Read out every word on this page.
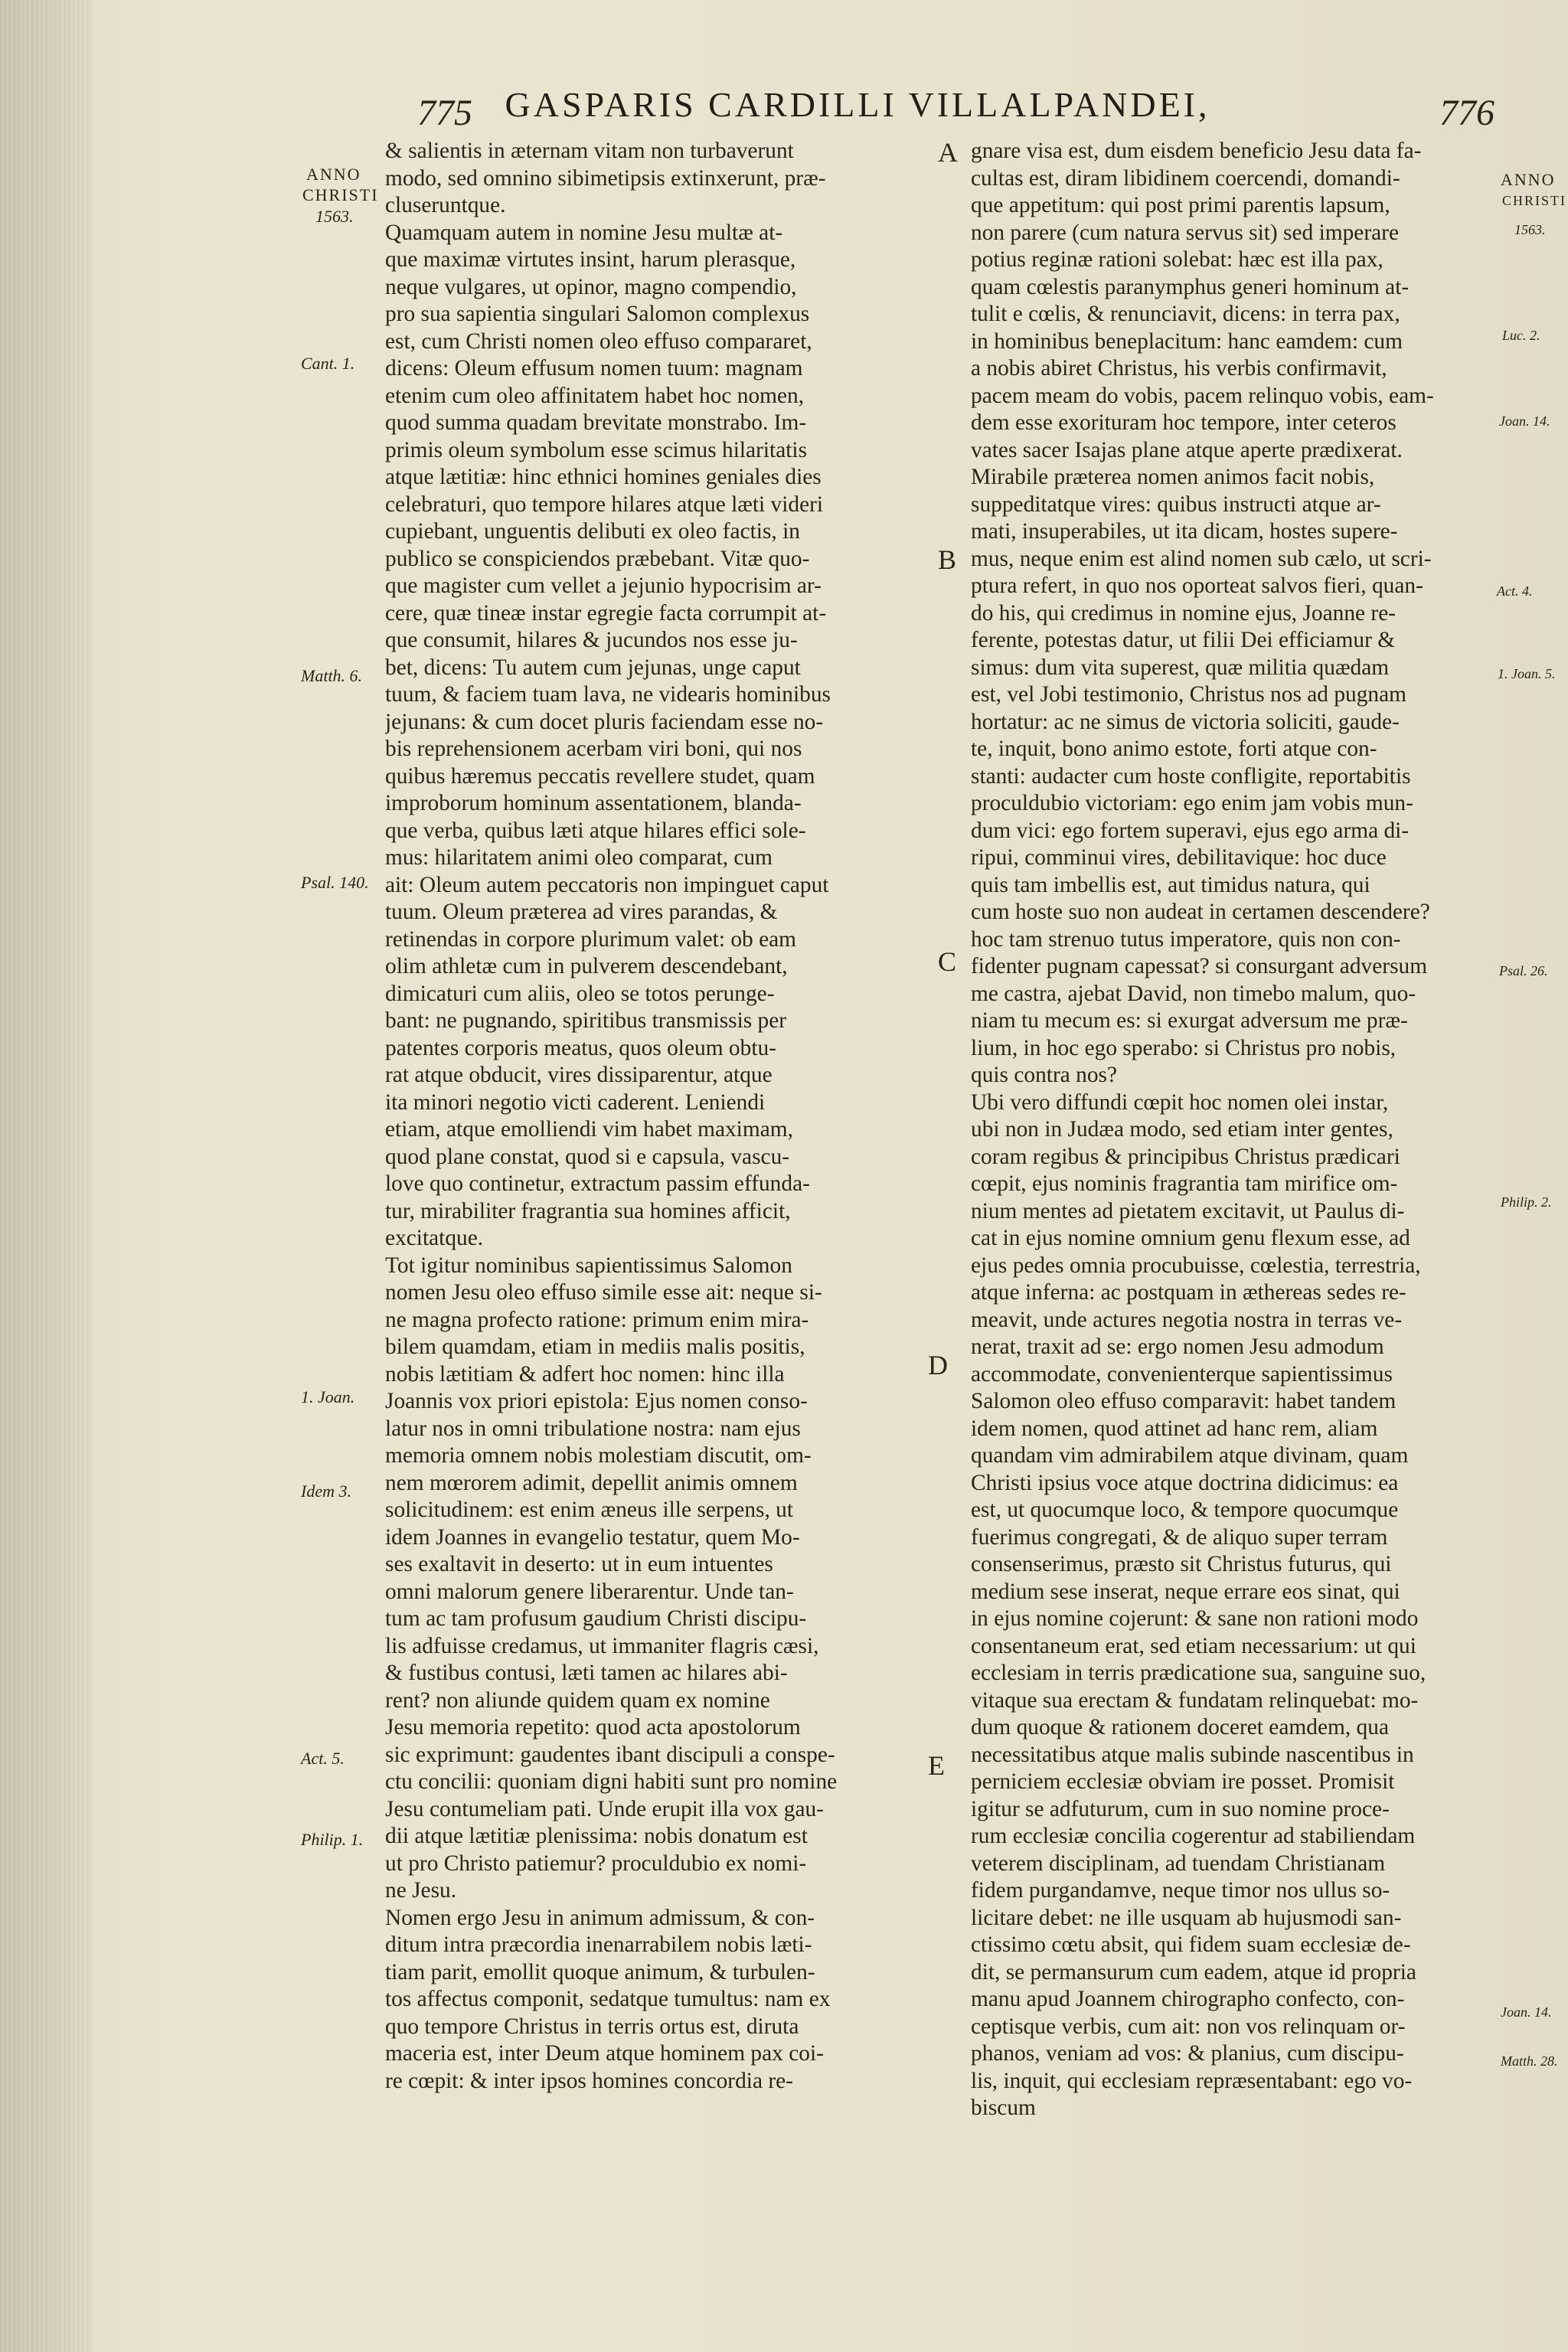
GASPARIS CARDILLI VILLALPANDEI,
775	776
ANNO
CHRISTI
1563.
Cant. 1.
Matth. 6.
Psal. 140.
1. Joan.
Idem 3.
Act. 5.
Philip. 1.
A
B
C
D
E
ANNO
CHRISTI
1563.
Luc. 2.
Joan. 14.
Act. 4.
1. Joan. 5.
Psal. 26.
Philip. 2.
Joan. 14.
Matth. 28.
& salientis in æternam vitam non turbaverunt
modo, sed omnino sibimetipsis extinxerunt, præ-
cluseruntque.
Quamquam autem in nomine Jesu multæ at-
que maximæ virtutes insint, harum plerasque,
neque vulgares, ut opinor, magno compendio,
pro sua sapientia singulari Salomon complexus
est, cum Christi nomen oleo effuso compararet,
dicens: Oleum effusum nomen tuum: magnam
etenim cum oleo affinitatem habet hoc nomen,
quod summa quadam brevitate monstrabo. Im-
primis oleum symbolum esse scimus hilaritatis
atque lætitiæ: hinc ethnici homines geniales dies
celebraturi, quo tempore hilares atque læti videri
cupiebant, unguentis delibuti ex oleo factis, in
publico se conspiciendos præbebant. Vitæ quo-
que magister cum vellet a jejunio hypocrisim ar-
cere, quæ tineæ instar egregie facta corrumpit at-
que consumit, hilares & jucundos nos esse ju-
bet, dicens: Tu autem cum jejunas, unge caput
tuum, & faciem tuam lava, ne videaris hominibus
jejunans: & cum docet pluris faciendam esse no-
bis reprehensionem acerbam viri boni, qui nos
quibus hæremus peccatis revellere studet, quam
improborum hominum assentationem, blanda-
que verba, quibus læti atque hilares effici sole-
mus: hilaritatem animi oleo comparat, cum
ait: Oleum autem peccatoris non impinguet caput
tuum. Oleum præterea ad vires parandas, &
retinendas in corpore plurimum valet: ob eam
olim athletæ cum in pulverem descendebant,
dimicaturi cum aliis, oleo se totos perunge-
bant: ne pugnando, spiritibus transmissis per
patentes corporis meatus, quos oleum obtu-
rat atque obducit, vires dissiparentur, atque
ita minori negotio victi caderent. Leniendi
etiam, atque emolliendi vim habet maximam,
quod plane constat, quod si e capsula, vascu-
love quo continetur, extractum passim effunda-
tur, mirabiliter fragrantia sua homines afficit,
excitatque.
Tot igitur nominibus sapientissimus Salomon
nomen Jesu oleo effuso simile esse ait: neque si-
ne magna profecto ratione: primum enim mira-
bilem quamdam, etiam in mediis malis positis,
nobis lætitiam & adfert hoc nomen: hinc illa
Joannis vox priori epistola: Ejus nomen conso-
latur nos in omni tribulatione nostra: nam ejus
memoria omnem nobis molestiam discutit, om-
nem mœrorem adimit, depellit animis omnem
solicitudinem: est enim æneus ille serpens, ut
idem Joannes in evangelio testatur, quem Mo-
ses exaltavit in deserto: ut in eum intuentes
omni malorum genere liberarentur. Unde tan-
tum ac tam profusum gaudium Christi discipu-
lis adfuisse credamus, ut immaniter flagris cæsi,
& fustibus contusi, læti tamen ac hilares abi-
rent? non aliunde quidem quam ex nomine
Jesu memoria repetito: quod acta apostolorum
sic exprimunt: gaudentes ibant discipuli a conspe-
ctu concilii: quoniam digni habiti sunt pro nomine
Jesu contumeliam pati. Unde erupit illa vox gau-
dii atque lætitiæ plenissima: nobis donatum est
ut pro Christo patiemur? proculdubio ex nomi-
ne Jesu.
Nomen ergo Jesu in animum admissum, & con-
ditum intra præcordia inenarrabilem nobis læti-
tiam parit, emollit quoque animum, & turbulen-
tos affectus componit, sedatque tumultus: nam ex
quo tempore Christus in terris ortus est, diruta
maceria est, inter Deum atque hominem pax coi-
re cœpit: & inter ipsos homines concordia re-
gnare visa est, dum eisdem beneficio Jesu data fa-
cultas est, diram libidinem coercendi, domandi-
que appetitum: qui post primi parentis lapsum,
non parere (cum natura servus sit) sed imperare
potius reginæ rationi solebat: hæc est illa pax,
quam cœlestis paranymphus generi hominum at-
tulit e cœlis, & renunciavit, dicens: in terra pax,
in hominibus beneplacitum: hanc eamdem: cum
a nobis abiret Christus, his verbis confirmavit,
pacem meam do vobis, pacem relinquo vobis, eam-
dem esse exorituram hoc tempore, inter ceteros
vates sacer Isajas plane atque aperte prædixerat.
Mirabile præterea nomen animos facit nobis,
suppeditatque vires: quibus instructi atque ar-
mati, insuperabiles, ut ita dicam, hostes supere-
mus, neque enim est alind nomen sub cælo, ut scri-
ptura refert, in quo nos oporteat salvos fieri, quan-
do his, qui credimus in nomine ejus, Joanne re-
ferente, potestas datur, ut filii Dei efficiamur &
simus: dum vita superest, quæ militia quædam
est, vel Jobi testimonio, Christus nos ad pugnam
hortatur: ac ne simus de victoria soliciti, gaude-
te, inquit, bono animo estote, forti atque con-
stanti: audacter cum hoste confligite, reportabitis
proculdubio victoriam: ego enim jam vobis mun-
dum vici: ego fortem superavi, ejus ego arma di-
ripui, comminui vires, debilitavique: hoc duce
quis tam imbellis est, aut timidus natura, qui
cum hoste suo non audeat in certamen descendere?
hoc tam strenuo tutus imperatore, quis non con-
fidenter pugnam capessat? si consurgant adversum
me castra, ajebat David, non timebo malum, quo-
niam tu mecum es: si exurgat adversum me præ-
lium, in hoc ego sperabo: si Christus pro nobis,
quis contra nos?
Ubi vero diffundi cœpit hoc nomen olei instar,
ubi non in Judæa modo, sed etiam inter gentes,
coram regibus & principibus Christus prædicari
cœpit, ejus nominis fragrantia tam mirifice om-
nium mentes ad pietatem excitavit, ut Paulus di-
cat in ejus nomine omnium genu flexum esse, ad
ejus pedes omnia procubuisse, cœlestia, terrestria,
atque inferna: ac postquam in æthereas sedes re-
meavit, unde actures negotia nostra in terras ve-
nerat, traxit ad se: ergo nomen Jesu admodum
accommodate, convenienterque sapientissimus
Salomon oleo effuso comparavit: habet tandem
idem nomen, quod attinet ad hanc rem, aliam
quandam vim admirabilem atque divinam, quam
Christi ipsius voce atque doctrina didicimus: ea
est, ut quocumque loco, & tempore quocumque
fuerimus congregati, & de aliquo super terram
consenserimus, præsto sit Christus futurus, qui
medium sese inserat, neque errare eos sinat, qui
in ejus nomine cojerunt: & sane non rationi modo
consentaneum erat, sed etiam necessarium: ut qui
ecclesiam in terris prædicatione sua, sanguine suo,
vitaque sua erectam & fundatam relinquebat: mo-
dum quoque & rationem doceret eamdem, qua
necessitatibus atque malis subinde nascentibus in
perniciem ecclesiæ obviam ire posset. Promisit
igitur se adfuturum, cum in suo nomine proce-
rum ecclesiæ concilia cogerentur ad stabiliendam
veterem disciplinam, ad tuendam Christianam
fidem purgandamve, neque timor nos ullus so-
licitare debet: ne ille usquam ab hujusmodi san-
ctissimo cœtu absit, qui fidem suam ecclesiæ de-
dit, se permansurum cum eadem, atque id propria
manu apud Joannem chirographo confecto, con-
ceptisque verbis, cum ait: non vos relinquam or-
phanos, veniam ad vos: & planius, cum discipu-
lis, inquit, qui ecclesiam repræsentabant: ego vo-
biscum
